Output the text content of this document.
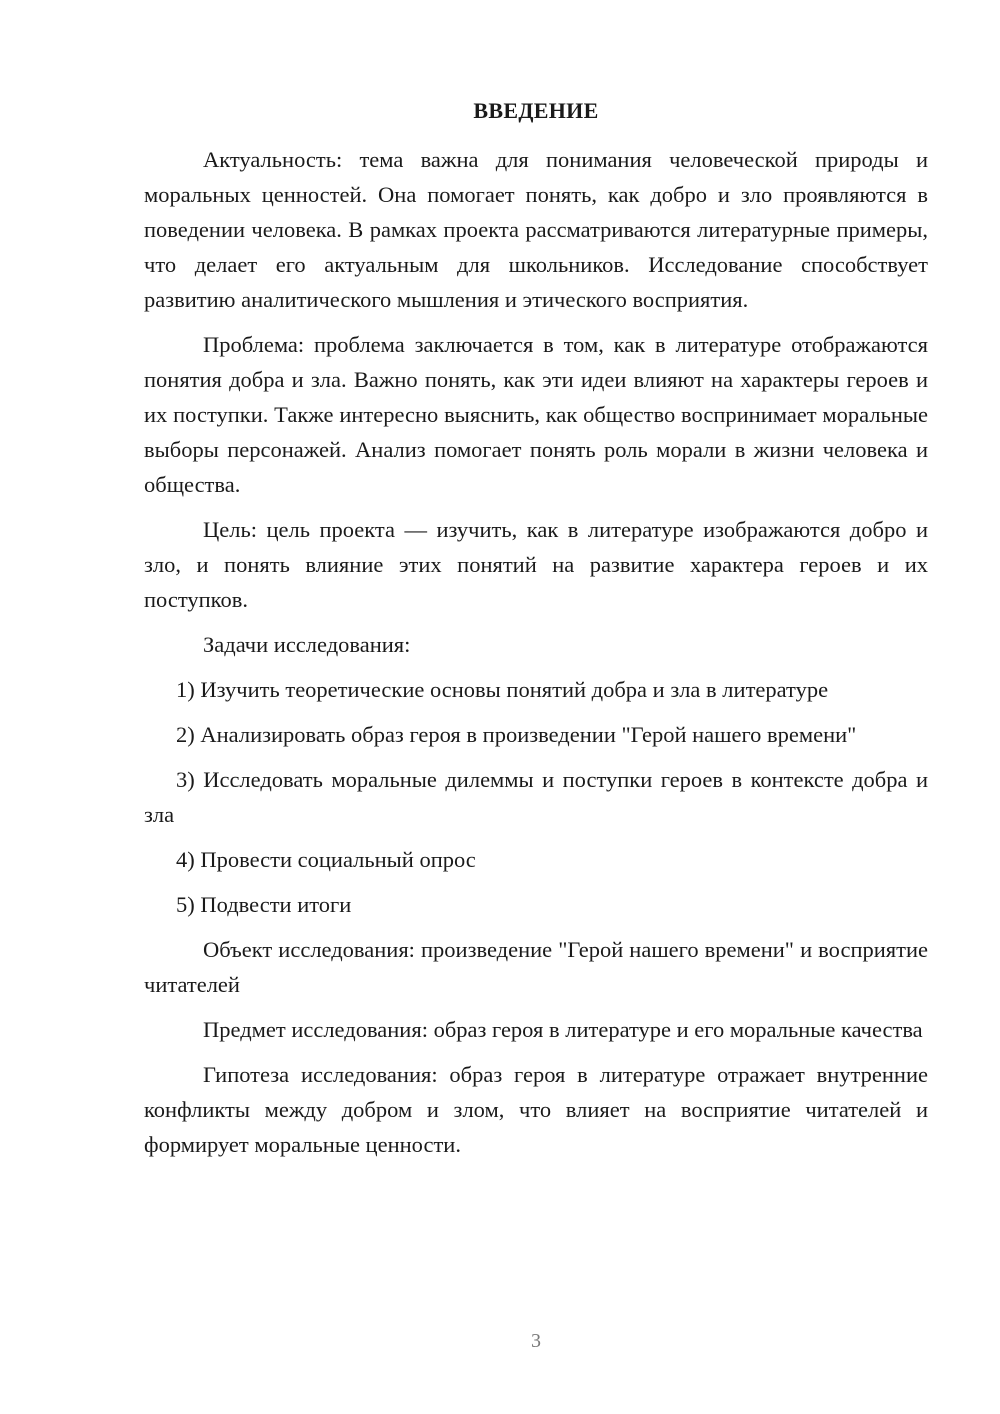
ВВЕДЕНИЕ

Актуальность: тема важна для понимания человеческой природы и моральных ценностей. Она помогает понять, как добро и зло проявляются в поведении человека. В рамках проекта рассматриваются литературные примеры, что делает его актуальным для школьников. Исследование способствует развитию аналитического мышления и этического восприятия.

Проблема: проблема заключается в том, как в литературе отображаются понятия добра и зла. Важно понять, как эти идеи влияют на характеры героев и их поступки. Также интересно выяснить, как общество воспринимает моральные выборы персонажей. Анализ помогает понять роль морали в жизни человека и общества.

Цель: цель проекта — изучить, как в литературе изображаются добро и зло, и понять влияние этих понятий на развитие характера героев и их поступков.

Задачи исследования:

1) Изучить теоретические основы понятий добра и зла в литературе

2) Анализировать образ героя в произведении "Герой нашего времени"

3) Исследовать моральные дилеммы и поступки героев в контексте добра и зла

4) Провести социальный опрос

5) Подвести итоги

Объект исследования: произведение "Герой нашего времени" и восприятие читателей

Предмет исследования: образ героя в литературе и его моральные качества

Гипотеза исследования: образ героя в литературе отражает внутренние конфликты между добром и злом, что влияет на восприятие читателей и формирует моральные ценности.

3
